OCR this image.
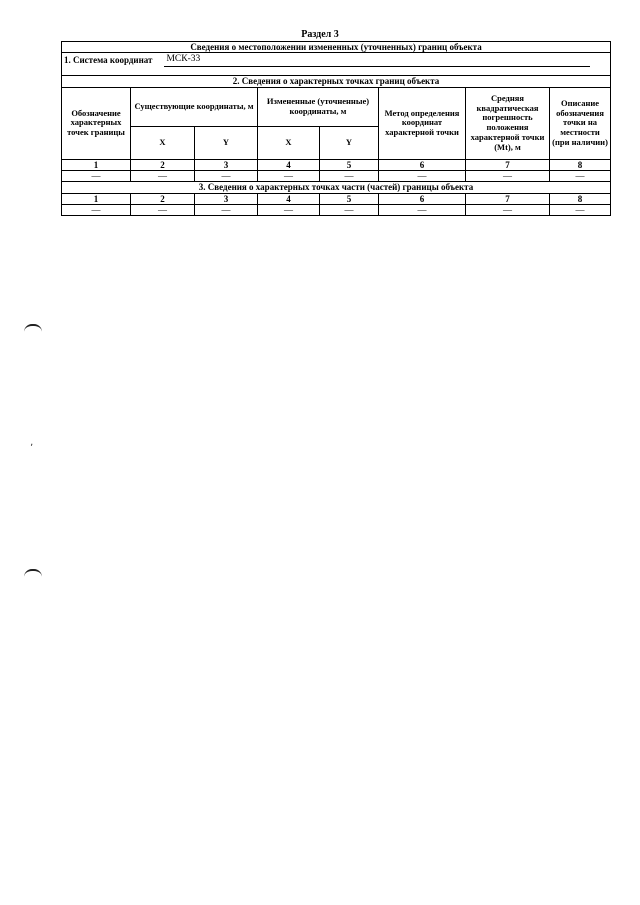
Раздел 3
Сведения о местоположении измененных (уточненных) границ объекта							

1. Система координат МСК-33							

2. Сведения о характерных точках границ объекта							
Обозначение характерных точек границы	Существующие координаты, м		Измененные (уточненные) координаты, м		Метод определения координат характерной точки	Средняя квадратическая погрешность положения характерной точки (Mt), м	Описание обозначения точки на местности (при наличии)
	X	Y	X	Y			
1	2	3	4	5	6	7	8
—	—	—	—	—	—	—	—
3. Сведения о характерных точках части (частей) границы объекта							
1	2	3	4	5	6	7	8
—	—	—	—	—	—	—	—
ʼ
